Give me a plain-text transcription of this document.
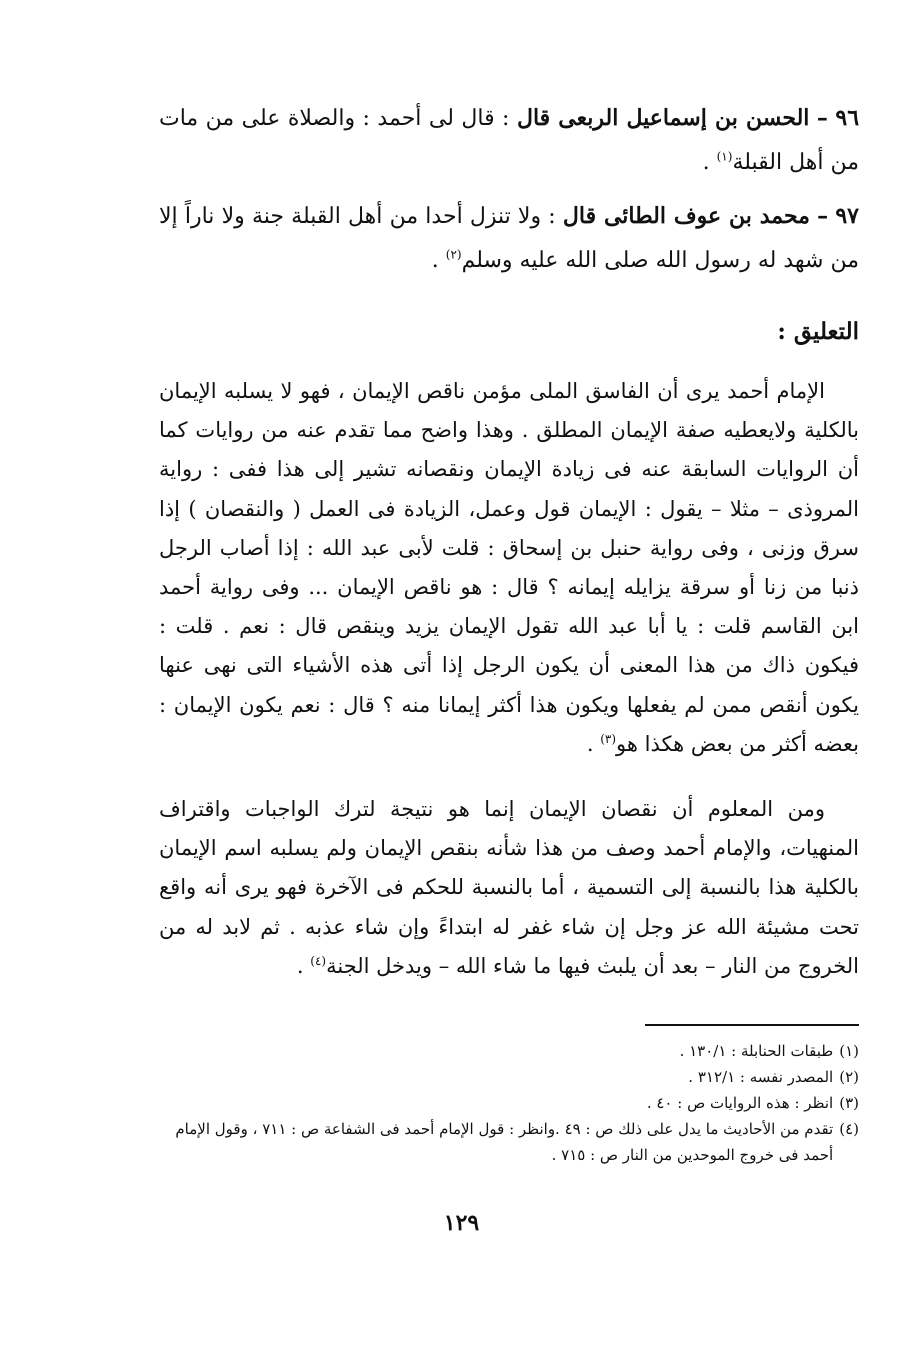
٩٦ – الحسن بن إسماعيل الربعى قال : قال لى أحمد : والصلاة على من مات من أهل القبلة$^{(١)}$ .

٩٧ – محمد بن عوف الطائى قال : ولا تنزل أحدا من أهل القبلة جنة ولا ناراً إلا من شهد له رسول الله صلى الله عليه وسلم$^{(٢)}$ .

التعليق :

الإمام أحمد يرى أن الفاسق الملى مؤمن ناقص الإيمان ، فهو لا يسلبه الإيمان بالكلية ولايعطيه صفة الإيمان المطلق . وهذا واضح مما تقدم عنه من روايات كما أن الروايات السابقة عنه فى زيادة الإيمان ونقصانه تشير إلى هذا ففى : رواية المروذى – مثلا – يقول : الإيمان قول وعمل، الزيادة فى العمل ( والنقصان ) إذا سرق وزنى ، وفى رواية حنبل بن إسحاق : قلت لأبى عبد الله : إذا أصاب الرجل ذنبا من زنا أو سرقة يزايله إيمانه ؟ قال : هو ناقص الإيمان ... وفى رواية أحمد ابن القاسم قلت : يا أبا عبد الله تقول الإيمان يزيد وينقص قال : نعم . قلت : فيكون ذاك من هذا المعنى أن يكون الرجل إذا أتى هذه الأشياء التى نهى عنها يكون أنقص ممن لم يفعلها ويكون هذا أكثر إيمانا منه ؟ قال : نعم يكون الإيمان : بعضه أكثر من بعض هكذا هو$^{(٣)}$ .

ومن المعلوم أن نقصان الإيمان إنما هو نتيجة لترك الواجبات واقتراف المنهيات، والإمام أحمد وصف من هذا شأنه بنقص الإيمان ولم يسلبه اسم الإيمان بالكلية هذا بالنسبة إلى التسمية ، أما بالنسبة للحكم فى الآخرة فهو يرى أنه واقع تحت مشيئة الله عز وجل إن شاء غفر له ابتداءً وإن شاء عذبه . ثم لابد له من الخروج من النار – بعد أن يلبث فيها ما شاء الله – ويدخل الجنة$^{(٤)}$ .

(١)
طبقات الحنابلة : ١٣٠/١ .
(٢)
المصدر نفسه : ٣١٢/١ .
(٣)
انظر : هذه الروايات ص : ٤٠ .
(٤)
تقدم من الأحاديث ما يدل على ذلك ص : ٤٩ .وانظر : قول الإمام أحمد فى الشفاعة ص : ٧١١ ، وقول الإمام أحمد فى خروج الموحدين من النار ص : ٧١٥ .
١٢٩
